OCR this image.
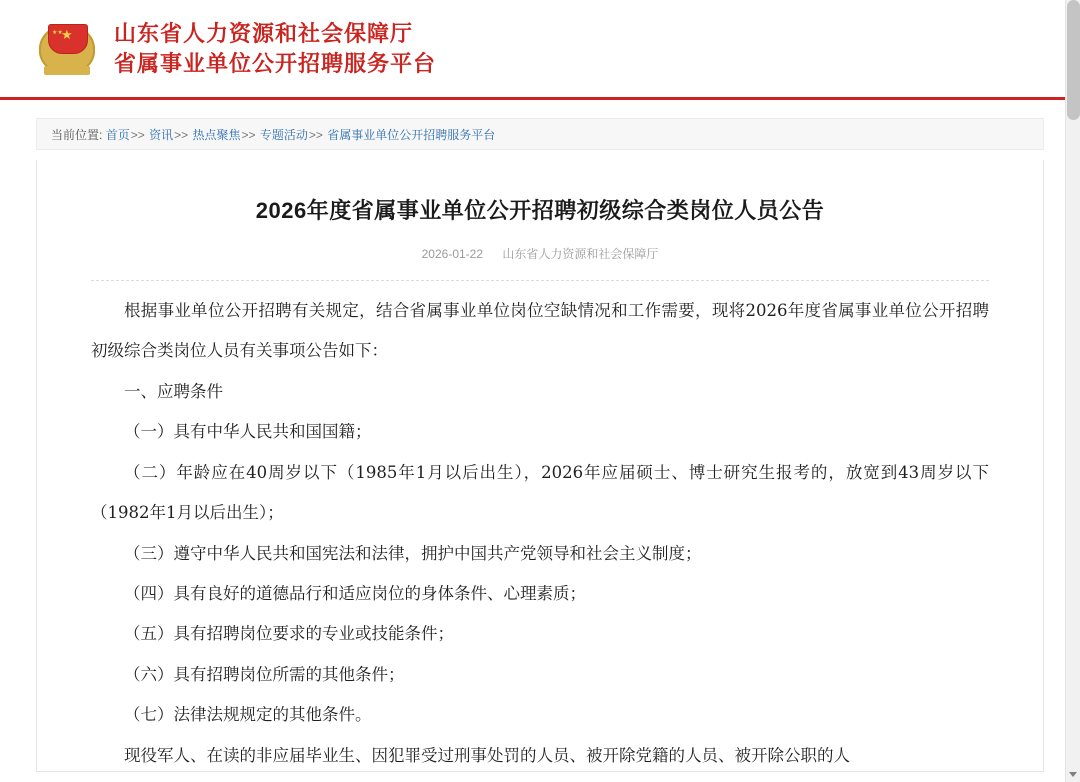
★
★★ 山东省人力资源和社会保障厅
省属事业单位公开招聘服务平台
当前位置: 首页>> 资讯>> 热点聚焦>> 专题活动>> 省属事业单位公开招聘服务平台
2026年度省属事业单位公开招聘初级综合类岗位人员公告
2026-01-22 山东省人力资源和社会保障厅

根据事业单位公开招聘有关规定，结合省属事业单位岗位空缺情况和工作需要，现将2026年度省属事业单位公开招聘初级综合类岗位人员有关事项公告如下：

一、应聘条件

（一）具有中华人民共和国国籍；

（二）年龄应在40周岁以下（1985年1月以后出生），2026年应届硕士、博士研究生报考的，放宽到43周岁以下（1982年1月以后出生）；

（三）遵守中华人民共和国宪法和法律，拥护中国共产党领导和社会主义制度；

（四）具有良好的道德品行和适应岗位的身体条件、心理素质；

（五）具有招聘岗位要求的专业或技能条件；

（六）具有招聘岗位所需的其他条件；

（七）法律法规规定的其他条件。

现役军人、在读的非应届毕业生、因犯罪受过刑事处罚的人员、被开除党籍的人员、被开除公职的人
